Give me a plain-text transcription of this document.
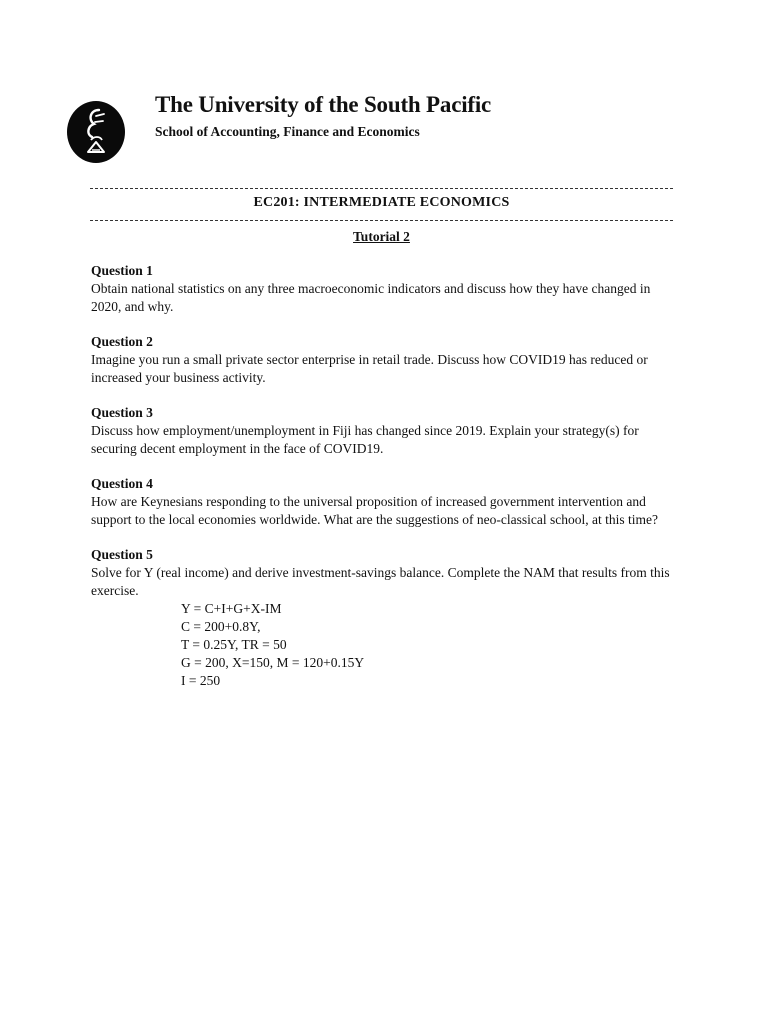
The University of the South Pacific
School of Accounting, Finance and Economics
EC201: INTERMEDIATE ECONOMICS
Tutorial 2
Question 1
Obtain national statistics on any three macroeconomic indicators and discuss how they have changed in 2020, and why.
Question 2
Imagine you run a small private sector enterprise in retail trade. Discuss how COVID19 has reduced or increased your business activity.
Question 3
Discuss how employment/unemployment in Fiji has changed since 2019. Explain your strategy(s) for securing decent employment in the face of COVID19.
Question 4
How are Keynesians responding to the universal proposition of increased government intervention and support to the local economies worldwide. What are the suggestions of neo-classical school, at this time?
Question 5
Solve for Y (real income) and derive investment-savings balance. Complete the NAM that results from this exercise.
Y = C+I+G+X-IM
C = 200+0.8Y,
T = 0.25Y, TR = 50
G = 200, X=150, M = 120+0.15Y
I = 250
